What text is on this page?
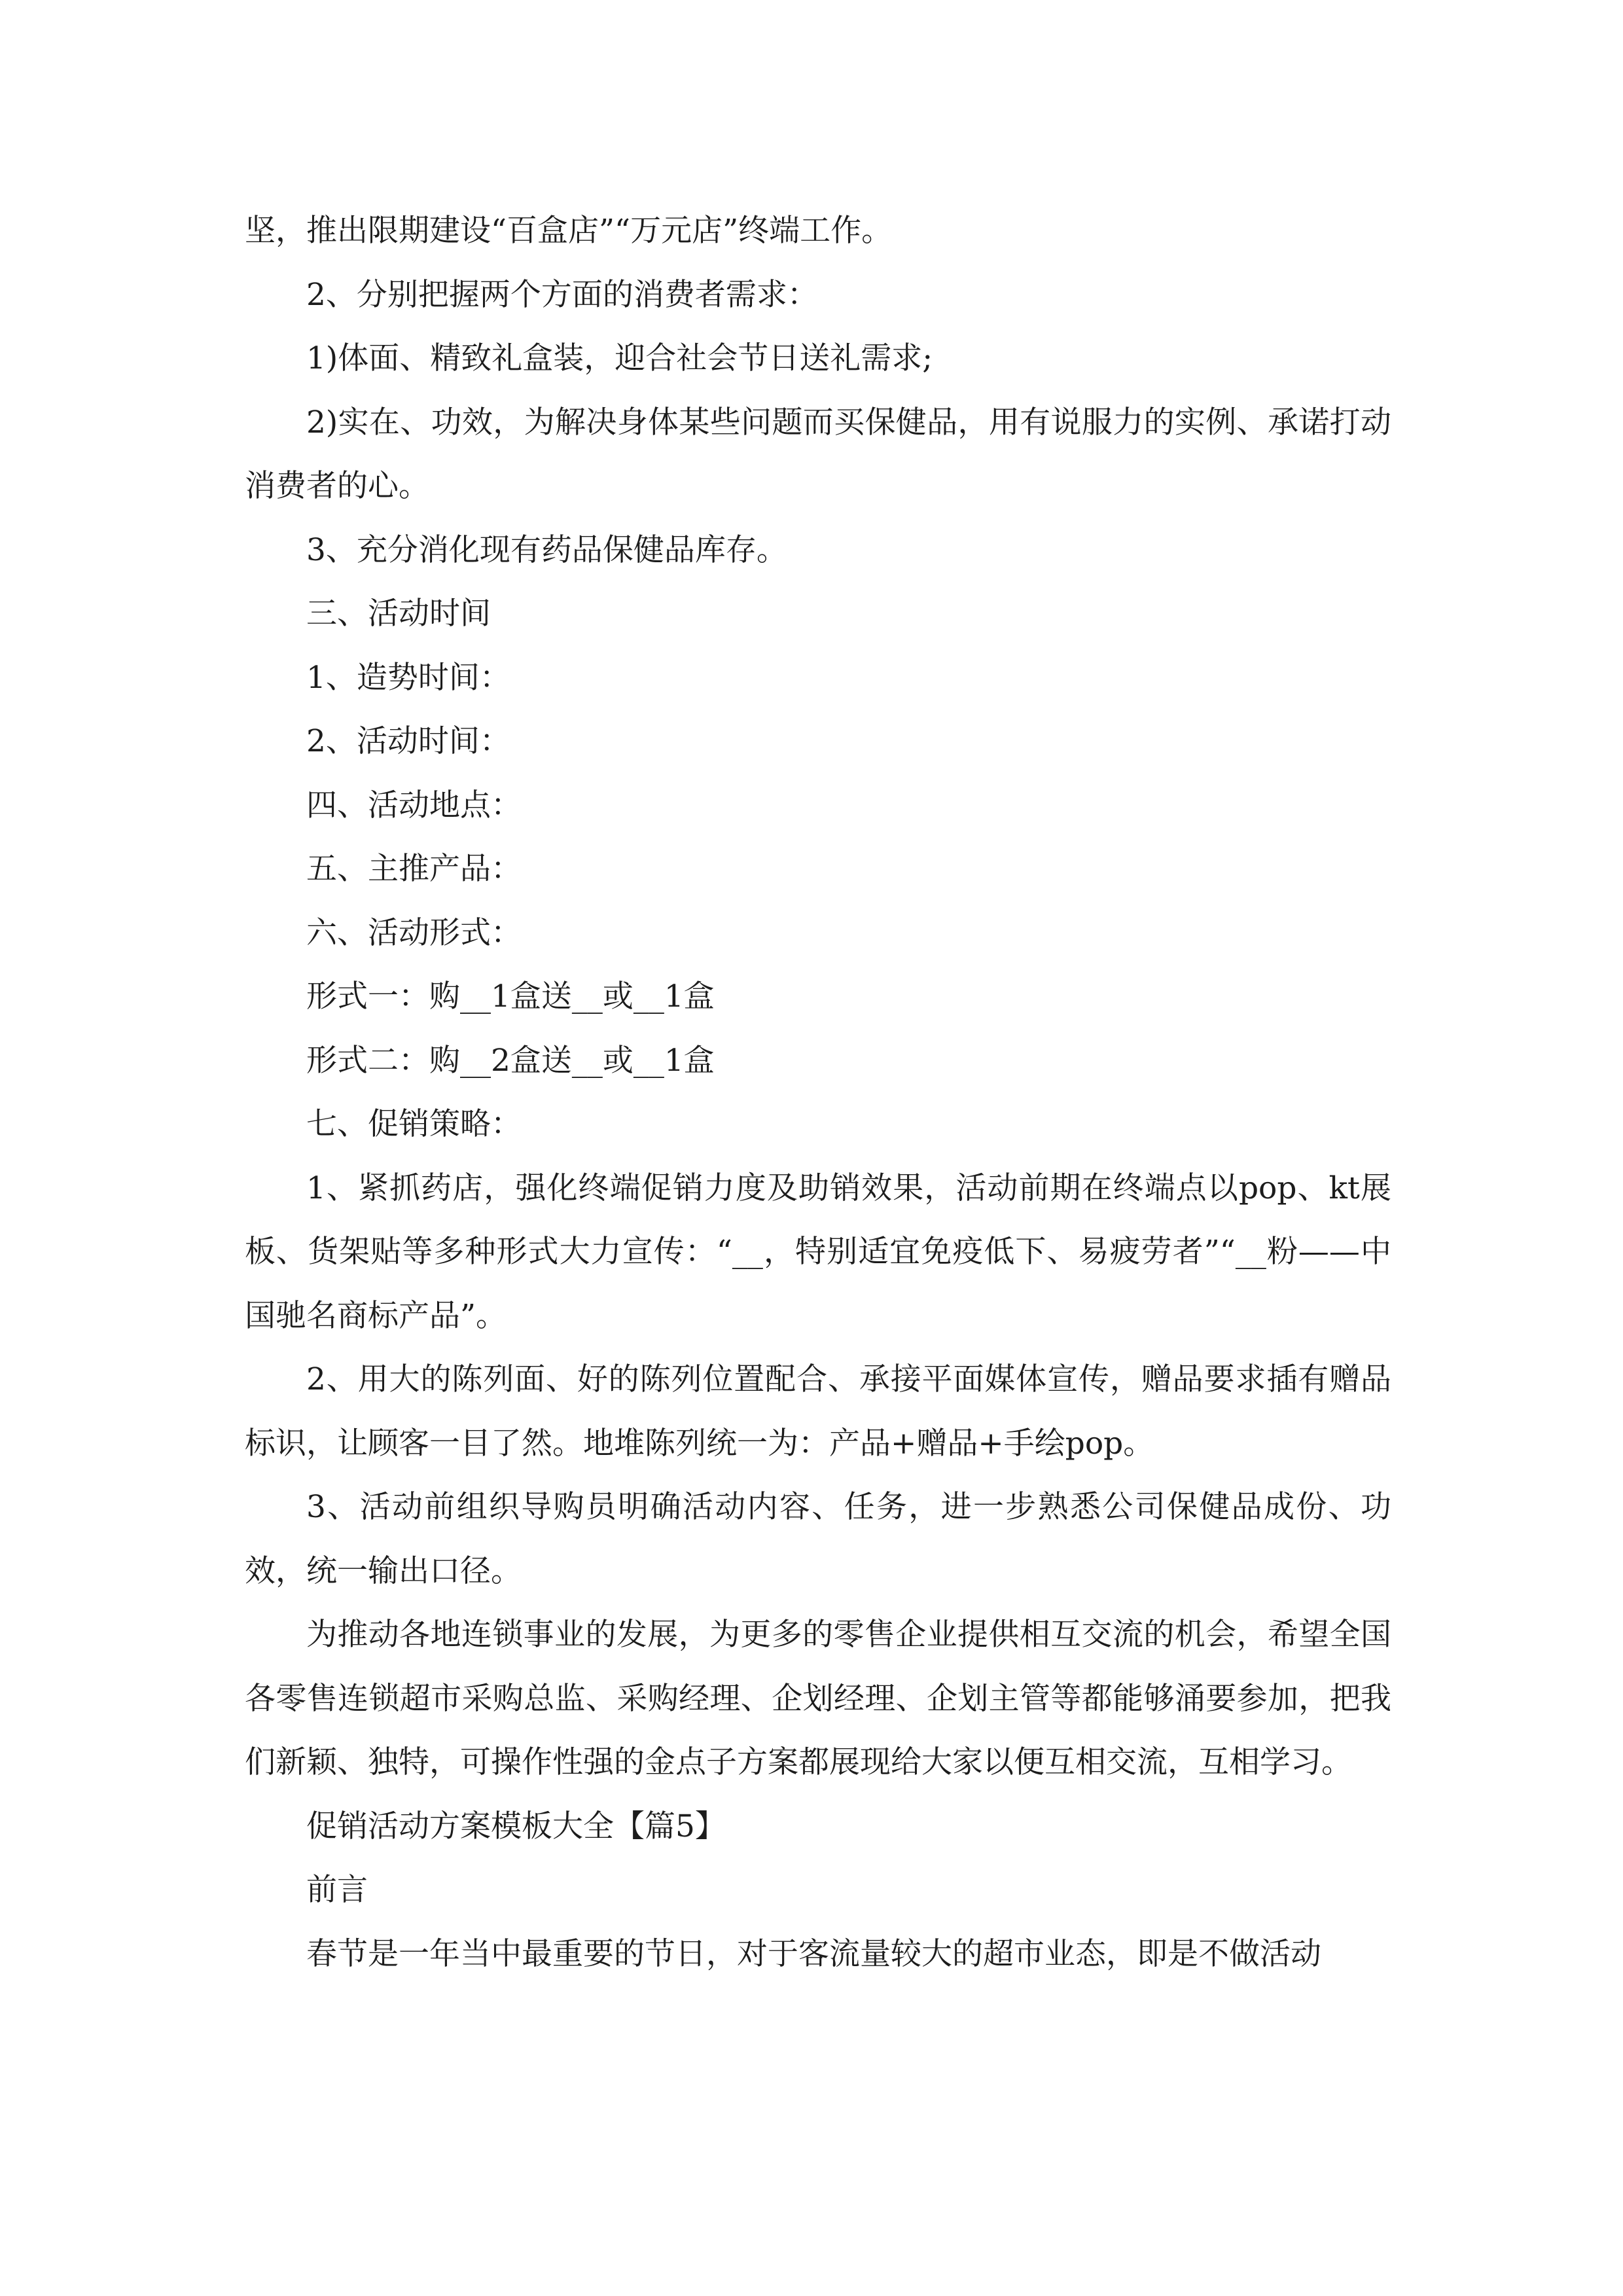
坚，推出限期建设“百盒店”“万元店”终端工作。

2、分别把握两个方面的消费者需求：

1)体面、精致礼盒装，迎合社会节日送礼需求;

2)实在、功效，为解决身体某些问题而买保健品，用有说服力的实例、承诺打动消费者的心。

3、充分消化现有药品保健品库存。

三、活动时间

1、造势时间：

2、活动时间：

四、活动地点：

五、主推产品：

六、活动形式：

形式一：购__1盒送__或__1盒

形式二：购__2盒送__或__1盒

七、促销策略：

1、紧抓药店，强化终端促销力度及助销效果，活动前期在终端点以pop、kt展板、货架贴等多种形式大力宣传：“__，特别适宜免疫低下、易疲劳者”“__粉——中国驰名商标产品”。

2、用大的陈列面、好的陈列位置配合、承接平面媒体宣传，赠品要求插有赠品标识，让顾客一目了然。地堆陈列统一为：产品+赠品+手绘pop。

3、活动前组织导购员明确活动内容、任务，进一步熟悉公司保健品成份、功效，统一输出口径。

为推动各地连锁事业的发展，为更多的零售企业提供相互交流的机会，希望全国各零售连锁超市采购总监、采购经理、企划经理、企划主管等都能够涌要参加，把我们新颖、独特，可操作性强的金点子方案都展现给大家以便互相交流，互相学习。

促销活动方案模板大全【篇5】

前言

春节是一年当中最重要的节日，对于客流量较大的超市业态，即是不做活动
